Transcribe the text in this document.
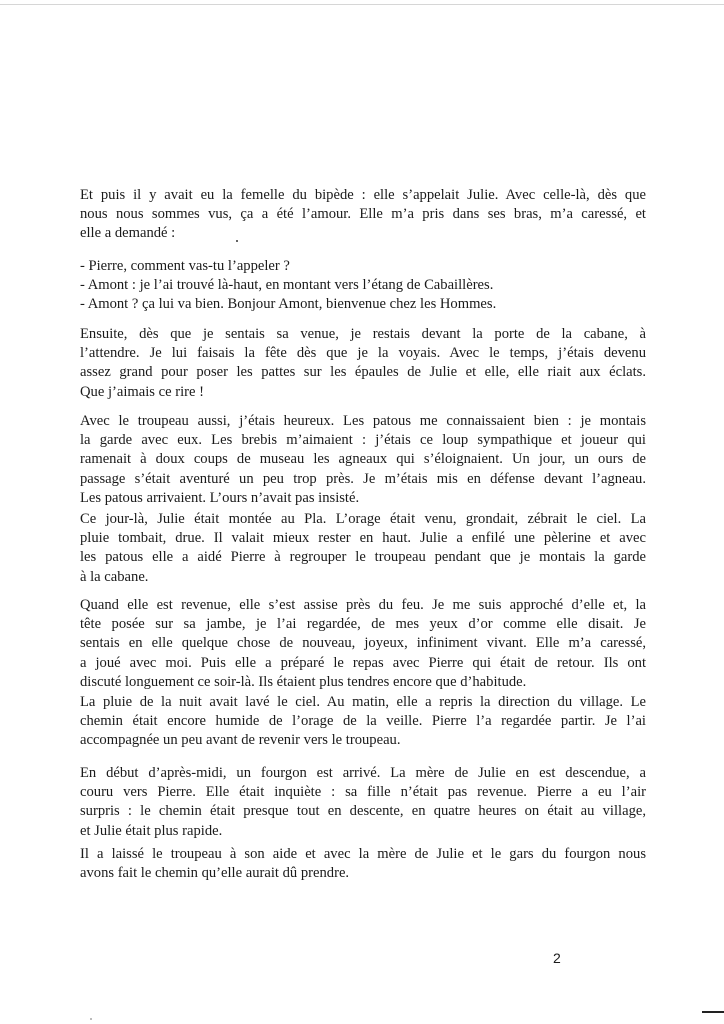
Et puis il y avait eu la femelle du bipède : elle s’appelait Julie. Avec celle-là, dès que
nous nous sommes vus, ça a été l’amour. Elle m’a pris dans ses bras, m’a caressé, et
elle a demandé :
- Pierre, comment vas-tu l’appeler ?
- Amont : je l’ai trouvé là-haut, en montant vers l’étang de Cabaillères.
- Amont ? ça lui va bien. Bonjour Amont, bienvenue chez les Hommes.
Ensuite, dès que je sentais sa venue, je restais devant la porte de la cabane, à
l’attendre. Je lui faisais la fête dès que je la voyais. Avec le temps, j’étais devenu
assez grand pour poser les pattes sur les épaules de Julie et elle, elle riait aux éclats.
Que j’aimais ce rire !
Avec le troupeau aussi, j’étais heureux. Les patous me connaissaient bien : je montais
la garde avec eux. Les brebis m’aimaient : j’étais ce loup sympathique et joueur qui
ramenait à doux coups de museau les agneaux qui s’éloignaient. Un jour, un ours de
passage s’était aventuré un peu trop près. Je m’étais mis en défense devant l’agneau.
Les patous arrivaient. L’ours n’avait pas insisté.
Ce jour-là, Julie était montée au Pla. L’orage était venu, grondait, zébrait le ciel. La
pluie tombait, drue. Il valait mieux rester en haut. Julie a enfilé une pèlerine et avec
les patous elle a aidé Pierre à regrouper le troupeau pendant que je montais la garde
à la cabane.
Quand elle est revenue, elle s’est assise près du feu. Je me suis approché d’elle et, la
tête posée sur sa jambe, je l’ai regardée, de mes yeux d’or comme elle disait. Je
sentais en elle quelque chose de nouveau, joyeux, infiniment vivant. Elle m’a caressé,
a joué avec moi. Puis elle a préparé le repas avec Pierre qui était de retour. Ils ont
discuté longuement ce soir-là. Ils étaient plus tendres encore que d’habitude.
La pluie de la nuit avait lavé le ciel. Au matin, elle a repris la direction du village. Le
chemin était encore humide de l’orage de la veille. Pierre l’a regardée partir. Je l’ai
accompagnée un peu avant de revenir vers le troupeau.
En début d’après-midi, un fourgon est arrivé. La mère de Julie en est descendue, a
couru vers Pierre. Elle était inquiète : sa fille n’était pas revenue. Pierre a eu l’air
surpris : le chemin était presque tout en descente, en quatre heures on était au village,
et Julie était plus rapide.
Il a laissé le troupeau à son aide et avec la mère de Julie et le gars du fourgon nous
avons fait le chemin qu’elle aurait dû prendre.
2
